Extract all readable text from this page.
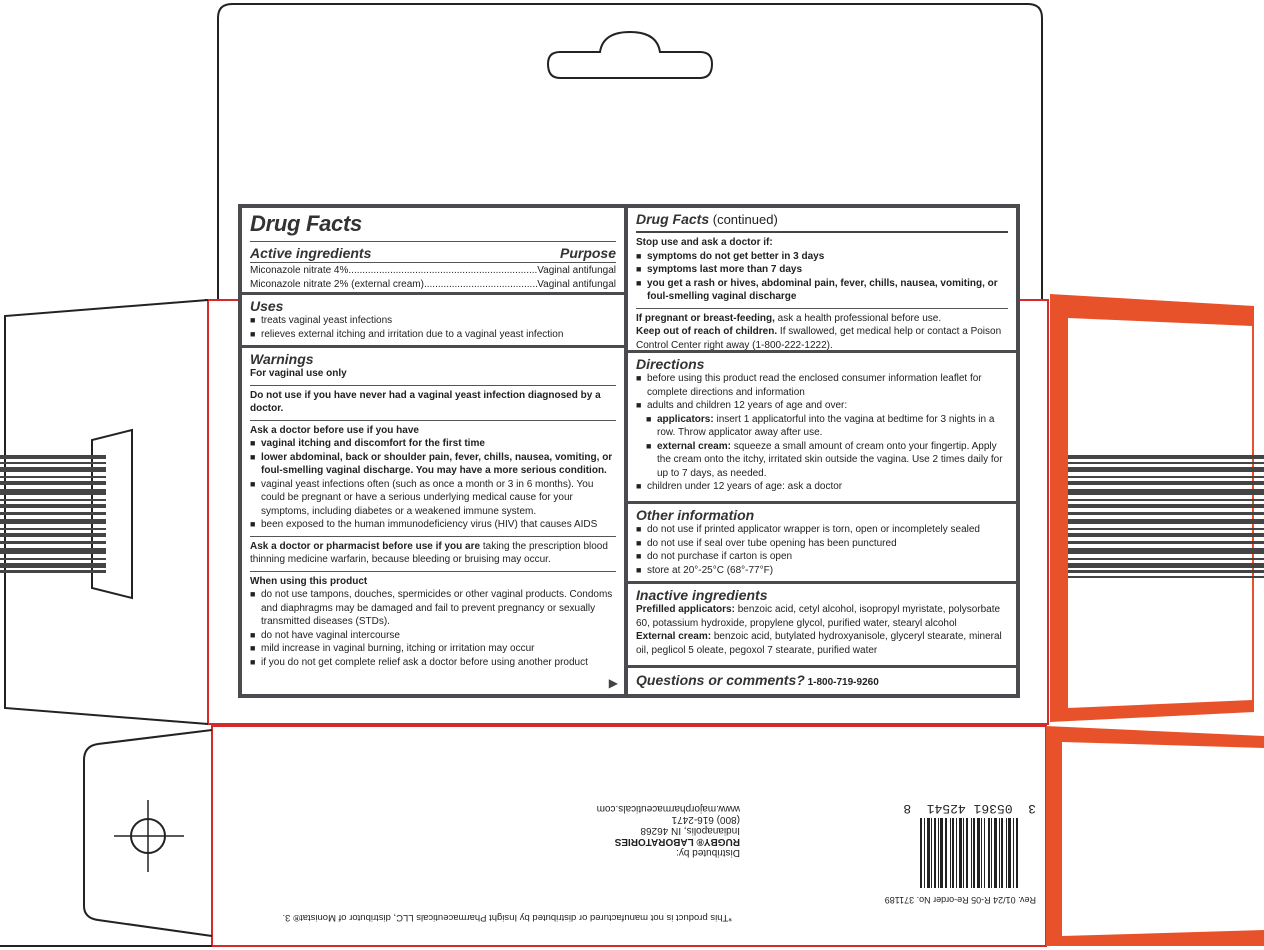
Drug Facts
Active ingredients	Purpose
Miconazole nitrate 4% .....	Vaginal antifungal
Miconazole nitrate 2% (external cream) .....	Vaginal antifungal
Uses
■ treats vaginal yeast infections
■ relieves external itching and irritation due to a vaginal yeast infection
Warnings
For vaginal use only
Do not use if you have never had a vaginal yeast infection diagnosed by a doctor.
Ask a doctor before use if you have
■ vaginal itching and discomfort for the first time
■ lower abdominal, back or shoulder pain, fever, chills, nausea, vomiting, or foul-smelling vaginal discharge. You may have a more serious condition.
■ vaginal yeast infections often (such as once a month or 3 in 6 months). You could be pregnant or have a serious underlying medical cause for your symptoms, including diabetes or a weakened immune system.
■ been exposed to the human immunodeficiency virus (HIV) that causes AIDS
Ask a doctor or pharmacist before use if you are taking the prescription blood thinning medicine warfarin, because bleeding or bruising may occur.
When using this product
■ do not use tampons, douches, spermicides or other vaginal products. Condoms and diaphragms may be damaged and fail to prevent pregnancy or sexually transmitted diseases (STDs).
■ do not have vaginal intercourse
■ mild increase in vaginal burning, itching or irritation may occur
■ if you do not get complete relief ask a doctor before using another product
▶
Drug Facts (continued)
Stop use and ask a doctor if:
■ symptoms do not get better in 3 days
■ symptoms last more than 7 days
■ you get a rash or hives, abdominal pain, fever, chills, nausea, vomiting, or foul-smelling vaginal discharge
If pregnant or breast-feeding, ask a health professional before use.
Keep out of reach of children. If swallowed, get medical help or contact a Poison Control Center right away (1-800-222-1222).
Directions
■ before using this product read the enclosed consumer information leaflet for complete directions and information
■ adults and children 12 years of age and over:
■ applicators: insert 1 applicatorful into the vagina at bedtime for 3 nights in a row. Throw applicator away after use.
■ external cream: squeeze a small amount of cream onto your fingertip. Apply the cream onto the itchy, irritated skin outside the vagina. Use 2 times daily for up to 7 days, as needed.
■ children under 12 years of age: ask a doctor
Other information
■ do not use if printed applicator wrapper is torn, open or incompletely sealed
■ do not use if seal over tube opening has been punctured
■ do not purchase if carton is open
■ store at 20°-25°C (68°-77°F)
Inactive ingredients
Prefilled applicators: benzoic acid, cetyl alcohol, isopropyl myristate, polysorbate 60, potassium hydroxide, propylene glycol, purified water, stearyl alcohol
External cream: benzoic acid, butylated hydroxyanisole, glyceryl stearate, mineral oil, peglicol 5 oleate, pegoxol 7 stearate, purified water
Questions or comments? 1-800-719-9260
Distributed by:
RUGBY® LABORATORIES
Indianapolis, IN 46268
(800) 616-2471
www.majorpharmaceuticals.com
Rev. 01/24 R-05 Re-order No. 371189
3  05361 42541  8
*This product is not manufactured or distributed by Insight Pharmaceuticals LLC, distributor of Monistat® 3.
